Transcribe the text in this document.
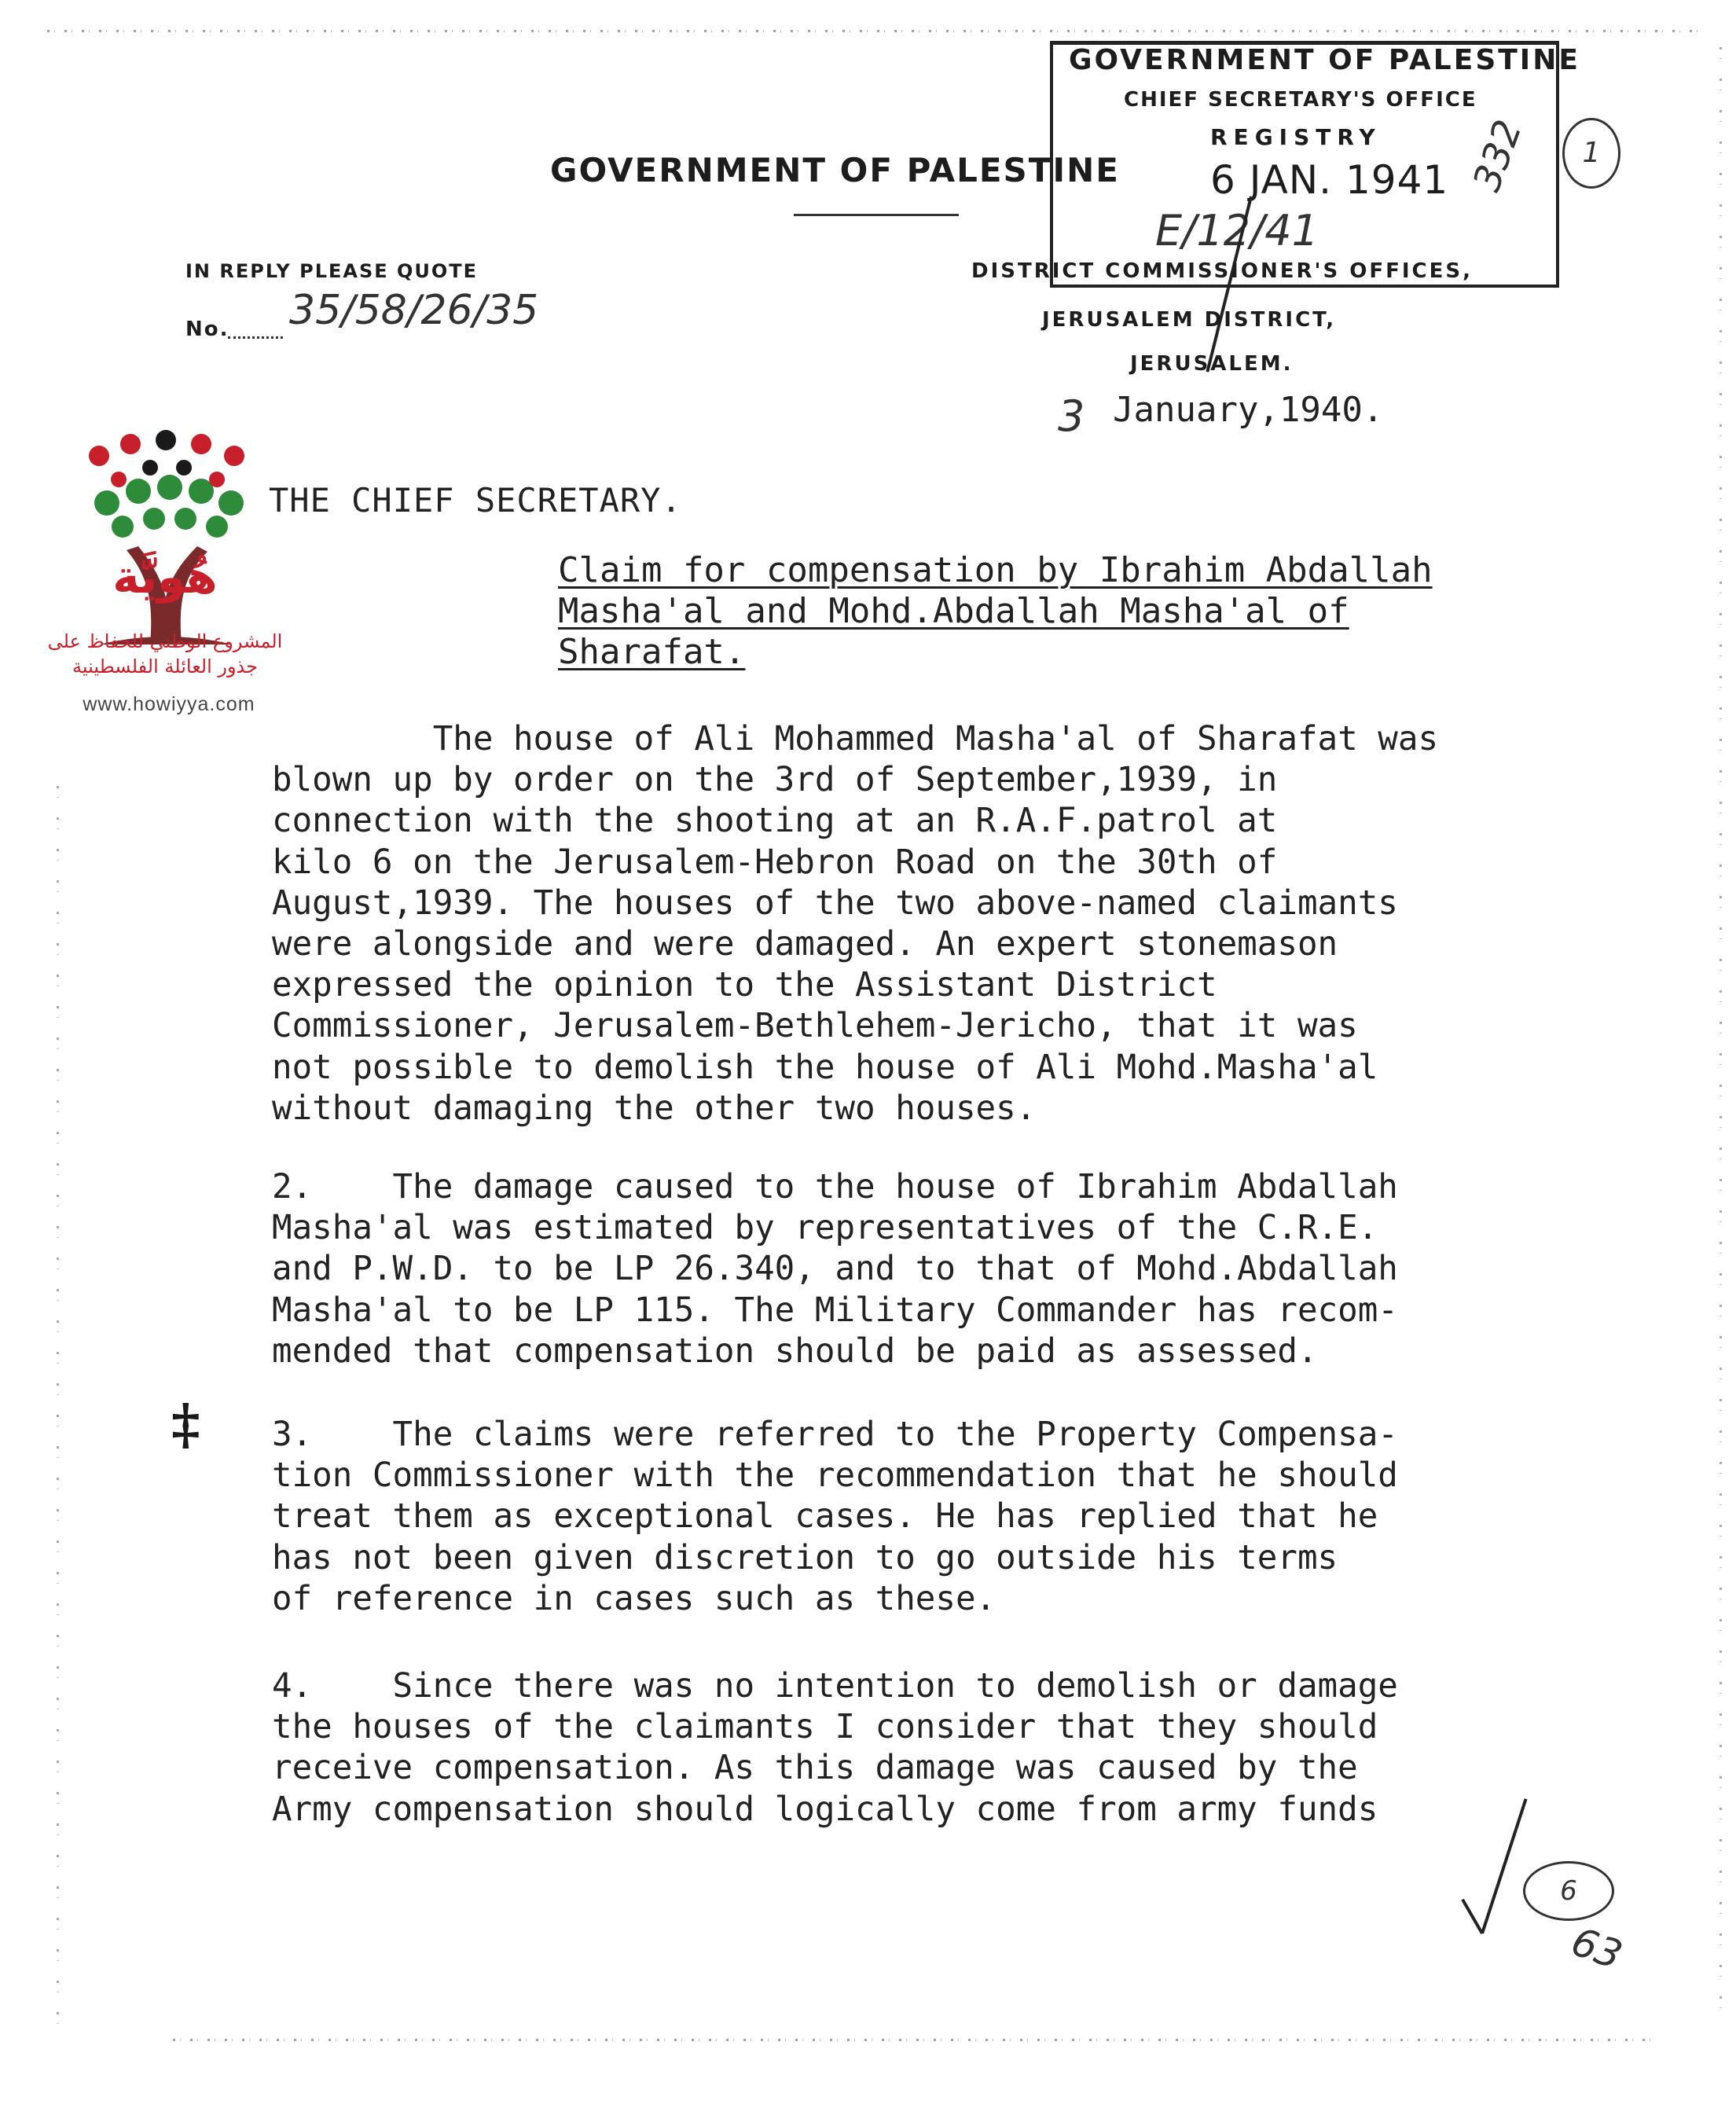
هُويَّة
المشروع الوطني للحفاظ على
جذور العائلة الفلسطينية
www.howiyya.com
GOVERNMENT OF PALESTINE
IN REPLY PLEASE QUOTE
No. 35/58/26/35
GOVERNMENT OF PALESTINE
CHIEF SECRETARY'S OFFICE
REGISTRY
6 JAN. 1941
E/12/41
332	1
DISTRICT COMMISSIONER'S OFFICES,
JERUSALEM DISTRICT,
JERUSALEM.
3 January,1940.
THE CHIEF SECRETARY.
Claim for compensation by Ibrahim Abdallah
Masha'al and Mohd.Abdallah Masha'al of
Sharafat.
The house of Ali Mohammed Masha'al of Sharafat was
blown up by order on the 3rd of September,1939, in
connection with the shooting at an R.A.F.patrol at
kilo 6 on the Jerusalem-Hebron Road on the 30th of
August,1939. The houses of the two above-named claimants
were alongside and were damaged. An expert stonemason
expressed the opinion to the Assistant District
Commissioner, Jerusalem-Bethlehem-Jericho, that it was
not possible to demolish the house of Ali Mohd.Masha'al
without damaging the other two houses.
2.    The damage caused to the house of Ibrahim Abdallah
Masha'al was estimated by representatives of the C.R.E.
and P.W.D. to be LP 26.340, and to that of Mohd.Abdallah
Masha'al to be LP 115. The Military Commander has recom-
mended that compensation should be paid as assessed.
3.    The claims were referred to the Property Compensa-
tion Commissioner with the recommendation that he should
treat them as exceptional cases. He has replied that he
has not been given discretion to go outside his terms
of reference in cases such as these.
4.    Since there was no intention to demolish or damage
the houses of the claimants I consider that they should
receive compensation. As this damage was caused by the
Army compensation should logically come from army funds
‡
6
63
